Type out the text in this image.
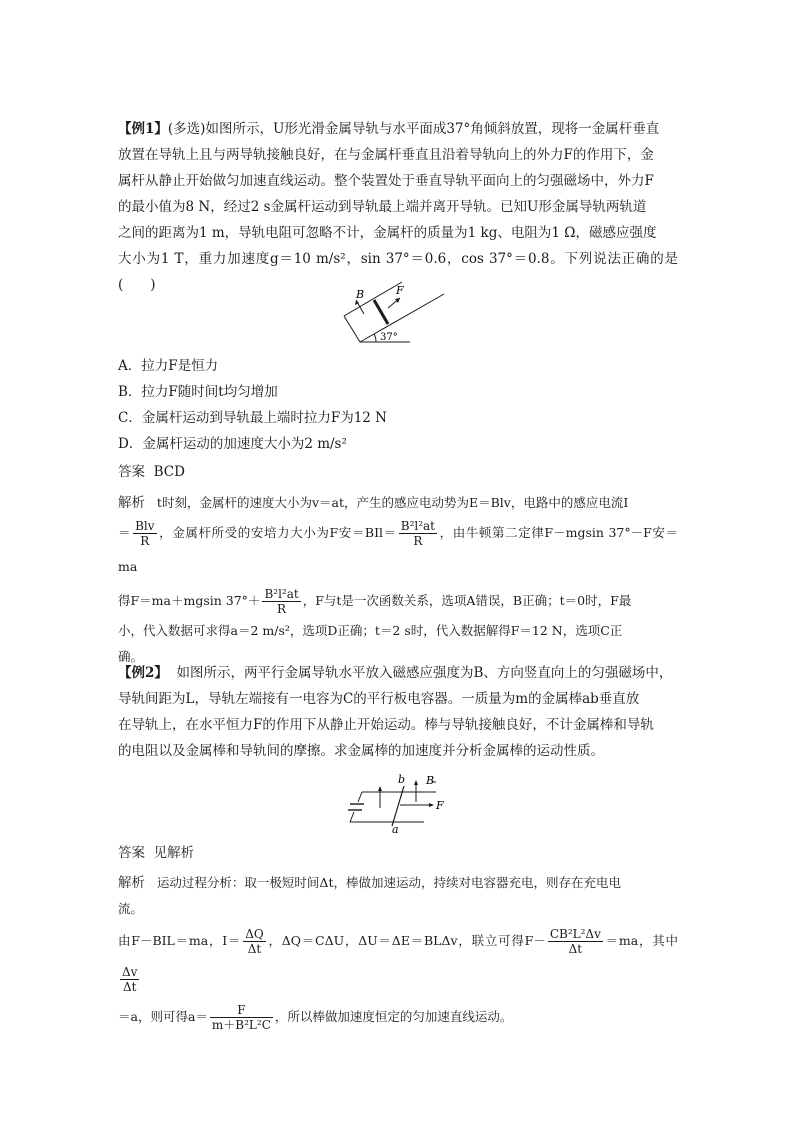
【例1】(多选)如图所示，U形光滑金属导轨与水平面成37°角倾斜放置，现将一金属杆垂直
放置在导轨上且与两导轨接触良好，在与金属杆垂直且沿着导轨向上的外力F的作用下，金
属杆从静止开始做匀加速直线运动。整个装置处于垂直导轨平面向上的匀强磁场中，外力F
的最小值为8 N，经过2 s金属杆运动到导轨最上端并离开导轨。已知U形金属导轨两轨道
之间的距离为1 m，导轨电阻可忽略不计，金属杆的质量为1 kg、电阻为1 Ω，磁感应强度
大小为1 T，重力加速度g＝10 m/s²，sin 37°＝0.6，cos 37°＝0.8。下列说法正确的是(　　)
B	F
37°
A．拉力F是恒力
B．拉力F随时间t均匀增加
C．金属杆运动到导轨最上端时拉力F为12 N
D．金属杆运动的加速度大小为2 m/s²
答案 BCD
解析 t时刻，金属杆的速度大小为v＝at，产生的感应电动势为E＝Blv，电路中的感应电流I
＝ $\frac{\text{Blv}}{R}$ ，金属杆所受的安培力大小为F安$=BIl= \frac{\text{B²l²at}}{R}$ ，由牛顿第二定律F－mgsin 37°－F安＝ma
得F＝ma＋mgsin $37^\circ+ \frac{\text{B²l²at}}{R}$ ，F与t是一次函数关系，选项A错误，B正确；t＝0时，F最
小，代入数据可求得a＝2 m/s²，选项D正确；t＝2 s时，代入数据解得F＝12 N，选项C正
确。
【例2】 如图所示，两平行金属导轨水平放入磁感应强度为B、方向竖直向上的匀强磁场中，
导轨间距为L，导轨左端接有一电容为C的平行板电容器。一质量为m的金属棒ab垂直放
在导轨上，在水平恒力F的作用下从静止开始运动。棒与导轨接触良好，不计金属棒和导轨
的电阻以及金属棒和导轨间的摩擦。求金属棒的加速度并分析金属棒的运动性质。
b
a
B
F
答案 见解析
解析 运动过程分析：取一极短时间Δt，棒做加速运动，持续对电容器充电，则存在充电电
流。
由F－BIL＝ma，$I= \frac{\Delta Q}{\Delta t}$ ，ΔQ＝CΔU，ΔU＝ΔE＝BLΔv，联立可得$F- \frac{\text{CB²L²Δv}}{\Delta t} =ma$，其中
$\frac{\Delta v}{\Delta t}$
＝a，则可得$a= \frac{F}{\text{m＋B²L²C}}$ ，所以棒做加速度恒定的匀加速直线运动。
